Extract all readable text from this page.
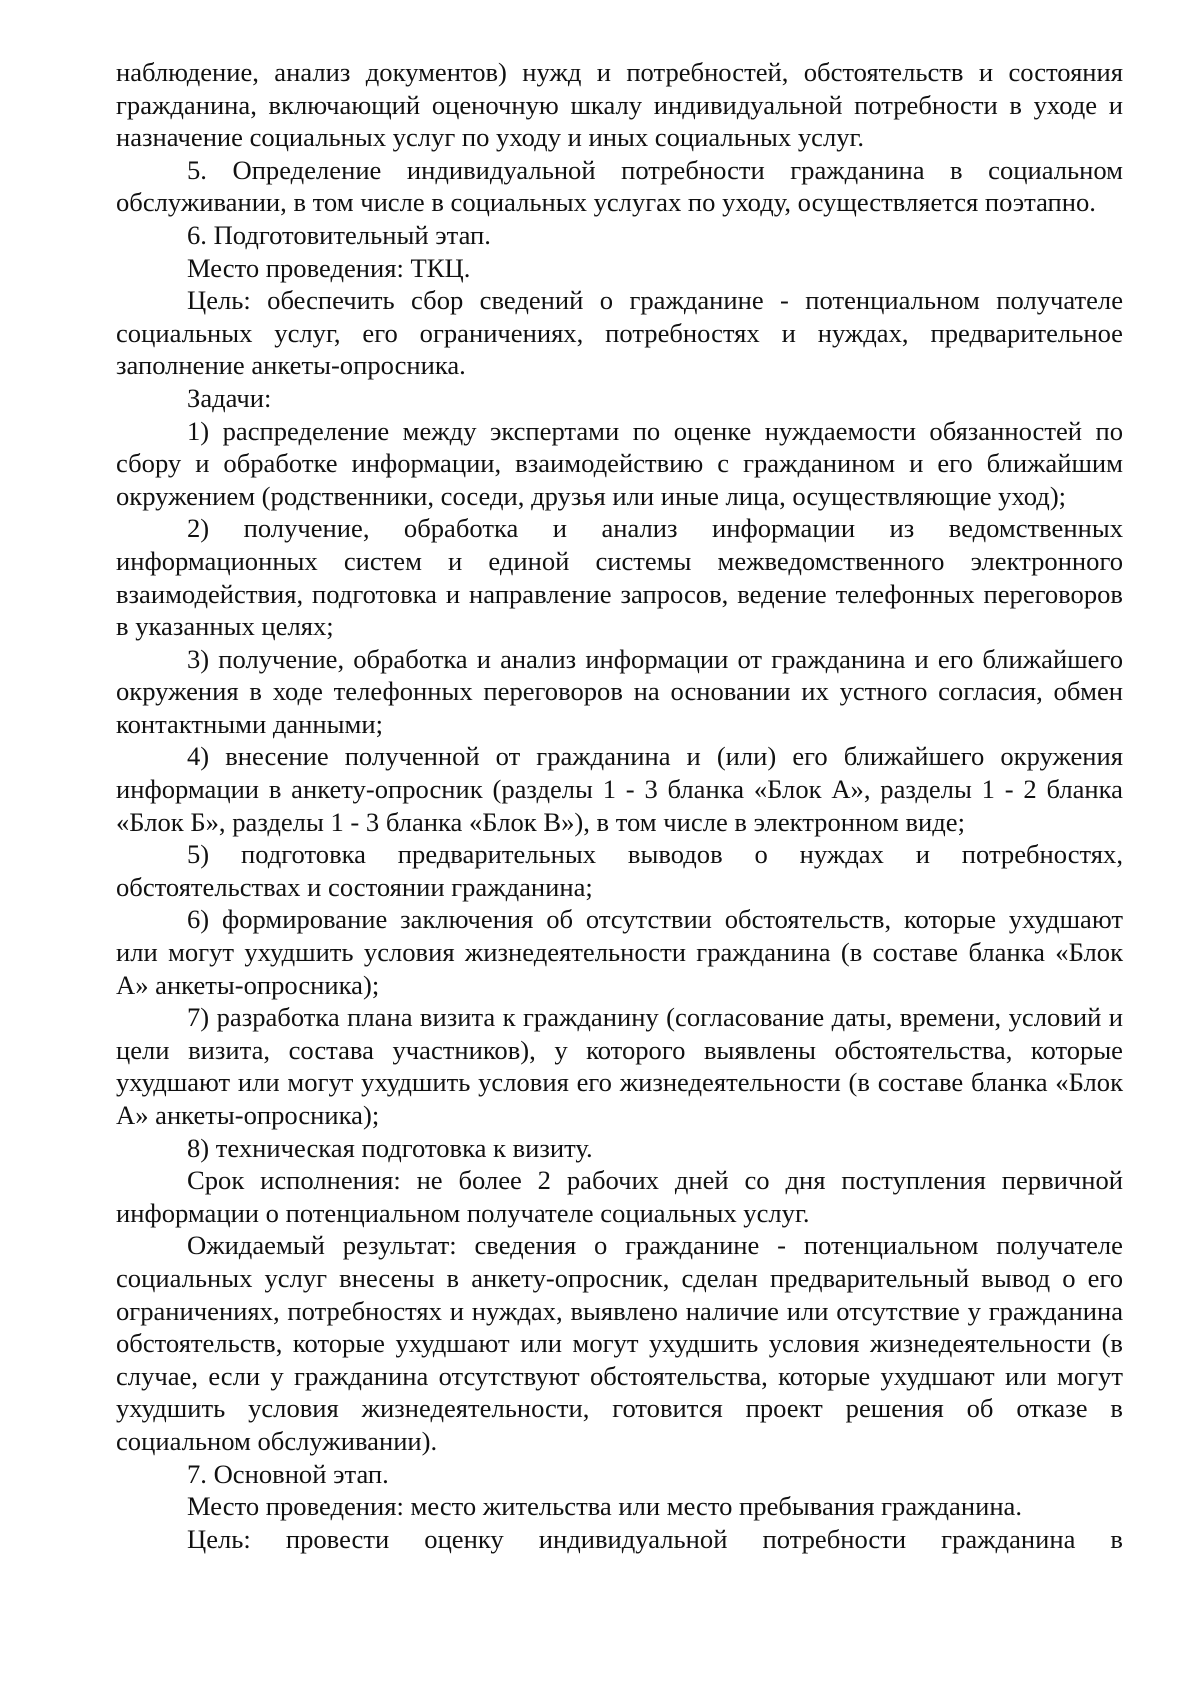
наблюдение, анализ документов) нужд и потребностей, обстоятельств и состояния гражданина, включающий оценочную шкалу индивидуальной потребности в уходе и назначение социальных услуг по уходу и иных социальных услуг.

5. Определение индивидуальной потребности гражданина в социальном обслуживании, в том числе в социальных услугах по уходу, осуществляется поэтапно.

6. Подготовительный этап.

Место проведения: ТКЦ.

Цель: обеспечить сбор сведений о гражданине - потенциальном получателе социальных услуг, его ограничениях, потребностях и нуждах, предварительное заполнение анкеты-опросника.

Задачи:

1) распределение между экспертами по оценке нуждаемости обязанностей по сбору и обработке информации, взаимодействию с гражданином и его ближайшим окружением (родственники, соседи, друзья или иные лица, осуществляющие уход);

2) получение, обработка и анализ информации из ведомственных информационных систем и единой системы межведомственного электронного взаимодействия, подготовка и направление запросов, ведение телефонных переговоров в указанных целях;

3) получение, обработка и анализ информации от гражданина и его ближайшего окружения в ходе телефонных переговоров на основании их устного согласия, обмен контактными данными;

4) внесение полученной от гражданина и (или) его ближайшего окружения информации в анкету-опросник (разделы 1 - 3 бланка «Блок А», разделы 1 - 2 бланка «Блок Б», разделы 1 - 3 бланка «Блок В»), в том числе в электронном виде;

5) подготовка предварительных выводов о нуждах и потребностях, обстоятельствах и состоянии гражданина;

6) формирование заключения об отсутствии обстоятельств, которые ухудшают или могут ухудшить условия жизнедеятельности гражданина (в составе бланка «Блок А» анкеты-опросника);

7) разработка плана визита к гражданину (согласование даты, времени, условий и цели визита, состава участников), у которого выявлены обстоятельства, которые ухудшают или могут ухудшить условия его жизнедеятельности (в составе бланка «Блок А» анкеты-опросника);

8) техническая подготовка к визиту.

Срок исполнения: не более 2 рабочих дней со дня поступления первичной информации о потенциальном получателе социальных услуг.

Ожидаемый результат: сведения о гражданине - потенциальном получателе социальных услуг внесены в анкету-опросник, сделан предварительный вывод о его ограничениях, потребностях и нуждах, выявлено наличие или отсутствие у гражданина обстоятельств, которые ухудшают или могут ухудшить условия жизнедеятельности (в случае, если у гражданина отсутствуют обстоятельства, которые ухудшают или могут ухудшить условия жизнедеятельности, готовится проект решения об отказе в социальном обслуживании).

7. Основной этап.

Место проведения: место жительства или место пребывания гражданина.

Цель: провести оценку индивидуальной потребности гражданина в
